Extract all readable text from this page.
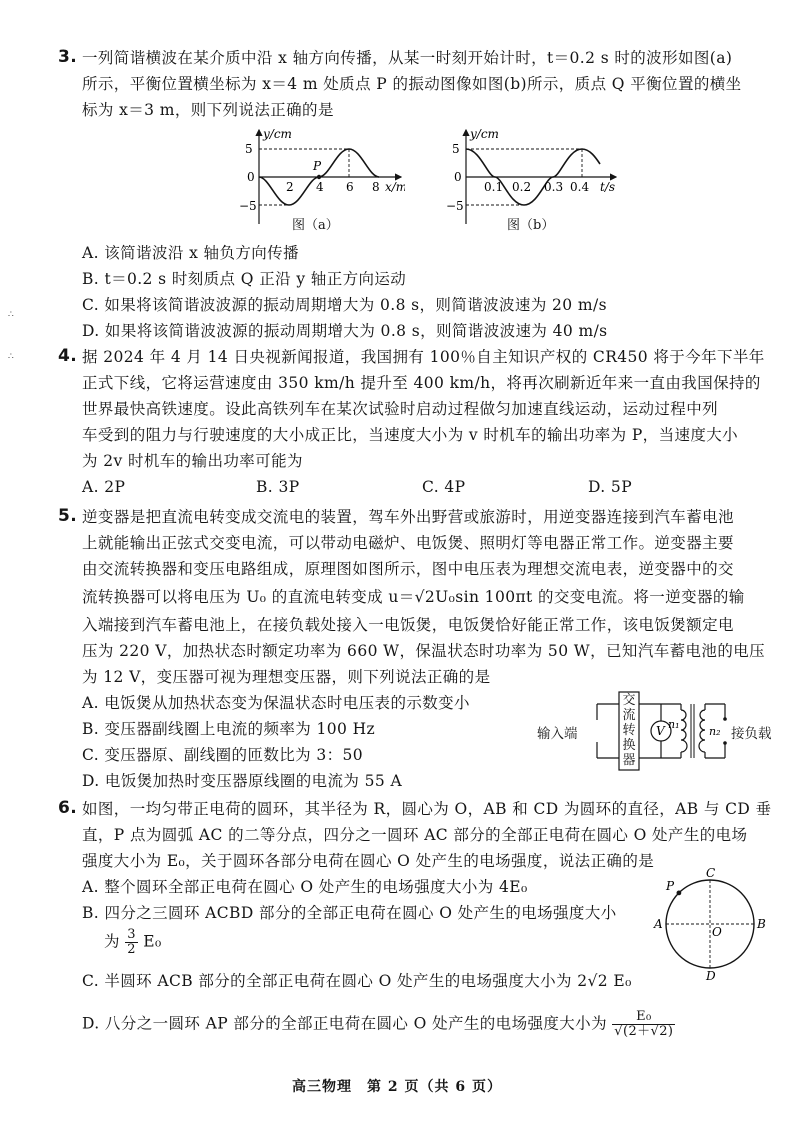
∴
∴
3. 一列简谐横波在某介质中沿 x 轴方向传播，从某一时刻开始计时，t＝0.2 s 时的波形如图(a)

所示，平衡位置横坐标为 x＝4 m 处质点 P 的振动图像如图(b)所示，质点 Q 平衡位置的横坐

标为 x＝3 m，则下列说法正确的是

y/cm
x/m
5
−5
0
2 4 6 8
P
图（a）
y/cm
t/s
5
−5
0
0.1 0.2 0.3 0.4
图（b）

A. 该简谐波沿 x 轴负方向传播

B. t＝0.2 s 时刻质点 Q 正沿 y 轴正方向运动

C. 如果将该简谐波波源的振动周期增大为 0.8 s，则简谐波波速为 20 m/s

D. 如果将该简谐波波源的振动周期增大为 0.8 s，则简谐波波速为 40 m/s

4. 据 2024 年 4 月 14 日央视新闻报道，我国拥有 100％自主知识产权的 CR450 将于今年下半年

正式下线，它将运营速度由 350 km/h 提升至 400 km/h，将再次刷新近年来一直由我国保持的

世界最快高铁速度。设此高铁列车在某次试验时启动过程做匀加速直线运动，运动过程中列

车受到的阻力与行驶速度的大小成正比，当速度大小为 v 时机车的输出功率为 P，当速度大小

为 2v 时机车的输出功率可能为

A. 2P	B. 3P	C. 4P	D. 5P

5. 逆变器是把直流电转变成交流电的装置，驾车外出野营或旅游时，用逆变器连接到汽车蓄电池

上就能输出正弦式交变电流，可以带动电磁炉、电饭煲、照明灯等电器正常工作。逆变器主要

由交流转换器和变压电路组成，原理图如图所示，图中电压表为理想交流电表，逆变器中的交

流转换器可以将电压为 U₀ 的直流电转变成 u＝√2U₀sin 100πt 的交变电流。将一逆变器的输

入端接到汽车蓄电池上，在接负载处接入一电饭煲，电饭煲恰好能正常工作，该电饭煲额定电

压为 220 V，加热状态时额定功率为 660 W，保温状态时功率为 50 W，已知汽车蓄电池的电压

为 12 V，变压器可视为理想变压器，则下列说法正确的是

A. 电饭煲从加热状态变为保温状态时电压表的示数变小

B. 变压器副线圈上电流的频率为 100 Hz

C. 变压器原、副线圈的匝数比为 3：50

D. 电饭煲加热时变压器原线圈的电流为 55 A

V n₁
n₂
输入端
交
流
转
换
器
接负载
6. 如图，一均匀带正电荷的圆环，其半径为 R，圆心为 O，AB 和 CD 为圆环的直径，AB 与 CD 垂

直，P 点为圆弧 AC 的二等分点，四分之一圆环 AC 部分的全部正电荷在圆心 O 处产生的电场

强度大小为 E₀，关于圆环各部分电荷在圆心 O 处产生的电场强度，说法正确的是

A. 整个圆环全部正电荷在圆心 O 处产生的电场强度大小为 4E₀

B. 四分之三圆环 ACBD 部分的全部正电荷在圆心 O 处产生的电场强度大小

为 $\frac{3}{2} E_0$

C. 半圆环 ACB 部分的全部正电荷在圆心 O 处产生的电场强度大小为 2√2 E₀

D. 八分之一圆环 AP 部分的全部正电荷在圆心 O 处产生的电场强度大小为 $\frac{\text{E₀}}{√(2+√2)}$
C
D
A	B
O
P
高三物理　第 2 页（共 6 页）
